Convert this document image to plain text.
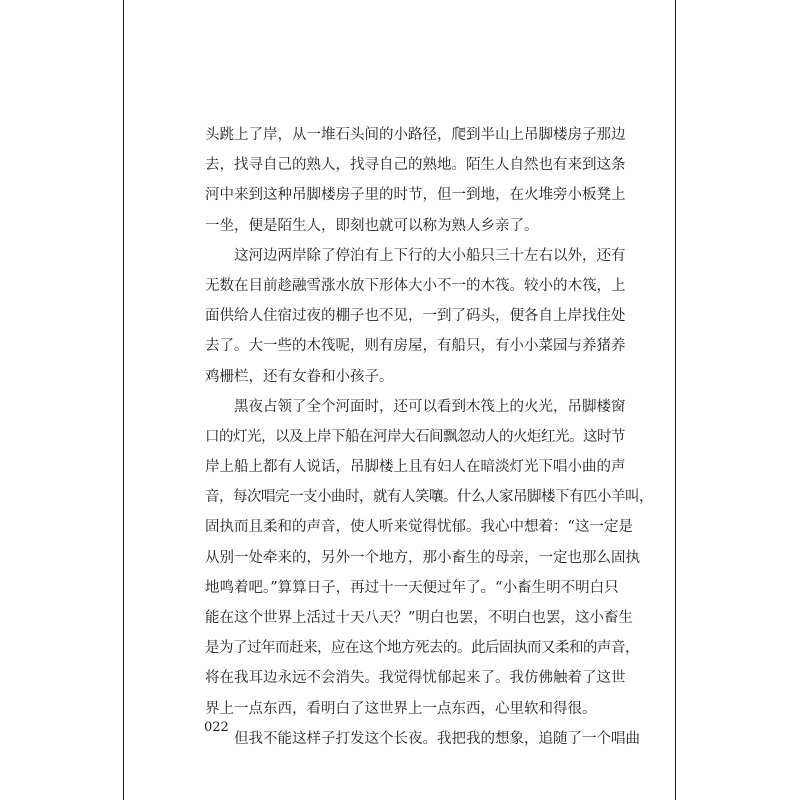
头跳上了岸，从一堆石头间的小路径，爬到半山上吊脚楼房子那边
去，找寻自己的熟人，找寻自己的熟地。陌生人自然也有来到这条
河中来到这种吊脚楼房子里的时节，但一到地，在火堆旁小板凳上
一坐，便是陌生人，即刻也就可以称为熟人乡亲了。
这河边两岸除了停泊有上下行的大小船只三十左右以外，还有
无数在目前趁融雪涨水放下形体大小不一的木筏。较小的木筏，上
面供给人住宿过夜的棚子也不见，一到了码头，便各自上岸找住处
去了。大一些的木筏呢，则有房屋，有船只，有小小菜园与养猪养
鸡栅栏，还有女眷和小孩子。
黑夜占领了全个河面时，还可以看到木筏上的火光，吊脚楼窗
口的灯光，以及上岸下船在河岸大石间飘忽动人的火炬红光。这时节
岸上船上都有人说话，吊脚楼上且有妇人在暗淡灯光下唱小曲的声
音，每次唱完一支小曲时，就有人笑嚷。什么人家吊脚楼下有匹小羊叫，
固执而且柔和的声音，使人听来觉得忧郁。我心中想着：“这一定是
从别一处牵来的，另外一个地方，那小畜生的母亲，一定也那么固执
地鸣着吧。”算算日子，再过十一天便过年了。“小畜生明不明白只
能在这个世界上活过十天八天？”明白也罢，不明白也罢，这小畜生
是为了过年而赶来，应在这个地方死去的。此后固执而又柔和的声音，
将在我耳边永远不会消失。我觉得忧郁起来了。我仿佛触着了这世
界上一点东西，看明白了这世界上一点东西，心里软和得很。
但我不能这样子打发这个长夜。我把我的想象，追随了一个唱曲
022
